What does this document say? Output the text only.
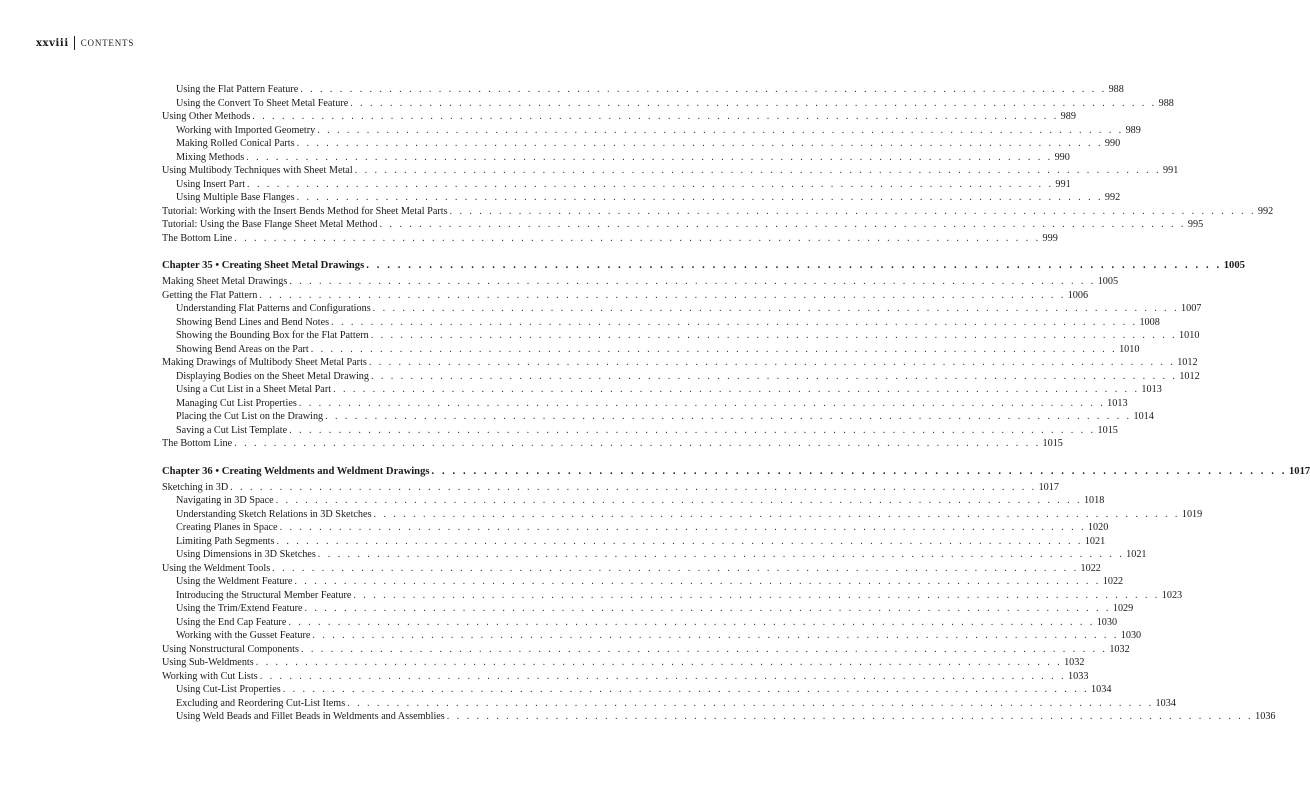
xxviii CONTENTS
Using the Flat Pattern Feature . . . . . . . . . . . . . . . . . . . . . . . . . . . . . . . . . . . . . . . . . . . . . . . . . . . . . . . . . . . . . . . . . . . . . . . . . . . . . . . . . . 988
Using the Convert To Sheet Metal Feature . . . . . . . . . . . . . . . . . . . . . . . . . . . . . . . . . . . . . . . . . . . . . . . . . . . . . . . . . . . . . . . . . . . . . . . . . . . . . . . . . . 988
Using Other Methods . . . . . . . . . . . . . . . . . . . . . . . . . . . . . . . . . . . . . . . . . . . . . . . . . . . . . . . . . . . . . . . . . . . . . . . . . . . . . . . . . . 989
Working with Imported Geometry . . . . . . . . . . . . . . . . . . . . . . . . . . . . . . . . . . . . . . . . . . . . . . . . . . . . . . . . . . . . . . . . . . . . . . . . . . . . . . . . . . 989
Making Rolled Conical Parts . . . . . . . . . . . . . . . . . . . . . . . . . . . . . . . . . . . . . . . . . . . . . . . . . . . . . . . . . . . . . . . . . . . . . . . . . . . . . . . . . . 990
Mixing Methods . . . . . . . . . . . . . . . . . . . . . . . . . . . . . . . . . . . . . . . . . . . . . . . . . . . . . . . . . . . . . . . . . . . . . . . . . . . . . . . . . . 990
Using Multibody Techniques with Sheet Metal . . . . . . . . . . . . . . . . . . . . . . . . . . . . . . . . . . . . . . . . . . . . . . . . . . . . . . . . . . . . . . . . . . . . . . . . . . . . . . . . . . 991
Using Insert Part . . . . . . . . . . . . . . . . . . . . . . . . . . . . . . . . . . . . . . . . . . . . . . . . . . . . . . . . . . . . . . . . . . . . . . . . . . . . . . . . . . 991
Using Multiple Base Flanges . . . . . . . . . . . . . . . . . . . . . . . . . . . . . . . . . . . . . . . . . . . . . . . . . . . . . . . . . . . . . . . . . . . . . . . . . . . . . . . . . . 992
Tutorial: Working with the Insert Bends Method for Sheet Metal Parts . . . . . . . . . . . . . . . . . . . . . . . . . . . . . . . . . . . . . . . . . . . . . . . . . . . . . . . . . . . . . . . . . . . . . . . . . . . . . . . . . . 992
Tutorial: Using the Base Flange Sheet Metal Method . . . . . . . . . . . . . . . . . . . . . . . . . . . . . . . . . . . . . . . . . . . . . . . . . . . . . . . . . . . . . . . . . . . . . . . . . . . . . . . . . . 995
The Bottom Line . . . . . . . . . . . . . . . . . . . . . . . . . . . . . . . . . . . . . . . . . . . . . . . . . . . . . . . . . . . . . . . . . . . . . . . . . . . . . . . . . . 999
Chapter 35 • Creating Sheet Metal Drawings . . . . . . . . . . . . . . . . . . . . . . . . . . . . . . . . . . . . . . . . . . . . . . . . . . . . . . . . . . . . . . . . . . . . . . . . . . . . . . . . . . 1005
Making Sheet Metal Drawings . . . . . . . . . . . . . . . . . . . . . . . . . . . . . . . . . . . . . . . . . . . . . . . . . . . . . . . . . . . . . . . . . . . . . . . . . . . . . . . . . . 1005
Getting the Flat Pattern . . . . . . . . . . . . . . . . . . . . . . . . . . . . . . . . . . . . . . . . . . . . . . . . . . . . . . . . . . . . . . . . . . . . . . . . . . . . . . . . . . 1006
Understanding Flat Patterns and Configurations . . . . . . . . . . . . . . . . . . . . . . . . . . . . . . . . . . . . . . . . . . . . . . . . . . . . . . . . . . . . . . . . . . . . . . . . . . . . . . . . . . 1007
Showing Bend Lines and Bend Notes . . . . . . . . . . . . . . . . . . . . . . . . . . . . . . . . . . . . . . . . . . . . . . . . . . . . . . . . . . . . . . . . . . . . . . . . . . . . . . . . . . 1008
Showing the Bounding Box for the Flat Pattern . . . . . . . . . . . . . . . . . . . . . . . . . . . . . . . . . . . . . . . . . . . . . . . . . . . . . . . . . . . . . . . . . . . . . . . . . . . . . . . . . . 1010
Showing Bend Areas on the Part . . . . . . . . . . . . . . . . . . . . . . . . . . . . . . . . . . . . . . . . . . . . . . . . . . . . . . . . . . . . . . . . . . . . . . . . . . . . . . . . . . 1010
Making Drawings of Multibody Sheet Metal Parts . . . . . . . . . . . . . . . . . . . . . . . . . . . . . . . . . . . . . . . . . . . . . . . . . . . . . . . . . . . . . . . . . . . . . . . . . . . . . . . . . . 1012
Displaying Bodies on the Sheet Metal Drawing . . . . . . . . . . . . . . . . . . . . . . . . . . . . . . . . . . . . . . . . . . . . . . . . . . . . . . . . . . . . . . . . . . . . . . . . . . . . . . . . . . 1012
Using a Cut List in a Sheet Metal Part . . . . . . . . . . . . . . . . . . . . . . . . . . . . . . . . . . . . . . . . . . . . . . . . . . . . . . . . . . . . . . . . . . . . . . . . . . . . . . . . . . 1013
Managing Cut List Properties . . . . . . . . . . . . . . . . . . . . . . . . . . . . . . . . . . . . . . . . . . . . . . . . . . . . . . . . . . . . . . . . . . . . . . . . . . . . . . . . . . 1013
Placing the Cut List on the Drawing . . . . . . . . . . . . . . . . . . . . . . . . . . . . . . . . . . . . . . . . . . . . . . . . . . . . . . . . . . . . . . . . . . . . . . . . . . . . . . . . . . 1014
Saving a Cut List Template . . . . . . . . . . . . . . . . . . . . . . . . . . . . . . . . . . . . . . . . . . . . . . . . . . . . . . . . . . . . . . . . . . . . . . . . . . . . . . . . . . 1015
The Bottom Line . . . . . . . . . . . . . . . . . . . . . . . . . . . . . . . . . . . . . . . . . . . . . . . . . . . . . . . . . . . . . . . . . . . . . . . . . . . . . . . . . . 1015
Chapter 36 • Creating Weldments and Weldment Drawings . . . . . . . . . . . . . . . . . . . . . . . . . . . . . . . . . . . . . . . . . . . . . . . . . . . . . . . . . . . . . . . . . . . . . . . . . . . . . . . . . . 1017
Sketching in 3D . . . . . . . . . . . . . . . . . . . . . . . . . . . . . . . . . . . . . . . . . . . . . . . . . . . . . . . . . . . . . . . . . . . . . . . . . . . . . . . . . . 1017
Navigating in 3D Space . . . . . . . . . . . . . . . . . . . . . . . . . . . . . . . . . . . . . . . . . . . . . . . . . . . . . . . . . . . . . . . . . . . . . . . . . . . . . . . . . . 1018
Understanding Sketch Relations in 3D Sketches . . . . . . . . . . . . . . . . . . . . . . . . . . . . . . . . . . . . . . . . . . . . . . . . . . . . . . . . . . . . . . . . . . . . . . . . . . . . . . . . . . 1019
Creating Planes in Space . . . . . . . . . . . . . . . . . . . . . . . . . . . . . . . . . . . . . . . . . . . . . . . . . . . . . . . . . . . . . . . . . . . . . . . . . . . . . . . . . . 1020
Limiting Path Segments . . . . . . . . . . . . . . . . . . . . . . . . . . . . . . . . . . . . . . . . . . . . . . . . . . . . . . . . . . . . . . . . . . . . . . . . . . . . . . . . . . 1021
Using Dimensions in 3D Sketches . . . . . . . . . . . . . . . . . . . . . . . . . . . . . . . . . . . . . . . . . . . . . . . . . . . . . . . . . . . . . . . . . . . . . . . . . . . . . . . . . . 1021
Using the Weldment Tools . . . . . . . . . . . . . . . . . . . . . . . . . . . . . . . . . . . . . . . . . . . . . . . . . . . . . . . . . . . . . . . . . . . . . . . . . . . . . . . . . . 1022
Using the Weldment Feature . . . . . . . . . . . . . . . . . . . . . . . . . . . . . . . . . . . . . . . . . . . . . . . . . . . . . . . . . . . . . . . . . . . . . . . . . . . . . . . . . . 1022
Introducing the Structural Member Feature . . . . . . . . . . . . . . . . . . . . . . . . . . . . . . . . . . . . . . . . . . . . . . . . . . . . . . . . . . . . . . . . . . . . . . . . . . . . . . . . . . 1023
Using the Trim/Extend Feature . . . . . . . . . . . . . . . . . . . . . . . . . . . . . . . . . . . . . . . . . . . . . . . . . . . . . . . . . . . . . . . . . . . . . . . . . . . . . . . . . . 1029
Using the End Cap Feature . . . . . . . . . . . . . . . . . . . . . . . . . . . . . . . . . . . . . . . . . . . . . . . . . . . . . . . . . . . . . . . . . . . . . . . . . . . . . . . . . . 1030
Working with the Gusset Feature . . . . . . . . . . . . . . . . . . . . . . . . . . . . . . . . . . . . . . . . . . . . . . . . . . . . . . . . . . . . . . . . . . . . . . . . . . . . . . . . . . 1030
Using Nonstructural Components . . . . . . . . . . . . . . . . . . . . . . . . . . . . . . . . . . . . . . . . . . . . . . . . . . . . . . . . . . . . . . . . . . . . . . . . . . . . . . . . . . 1032
Using Sub-Weldments . . . . . . . . . . . . . . . . . . . . . . . . . . . . . . . . . . . . . . . . . . . . . . . . . . . . . . . . . . . . . . . . . . . . . . . . . . . . . . . . . . 1032
Working with Cut Lists . . . . . . . . . . . . . . . . . . . . . . . . . . . . . . . . . . . . . . . . . . . . . . . . . . . . . . . . . . . . . . . . . . . . . . . . . . . . . . . . . . 1033
Using Cut-List Properties . . . . . . . . . . . . . . . . . . . . . . . . . . . . . . . . . . . . . . . . . . . . . . . . . . . . . . . . . . . . . . . . . . . . . . . . . . . . . . . . . . 1034
Excluding and Reordering Cut-List Items . . . . . . . . . . . . . . . . . . . . . . . . . . . . . . . . . . . . . . . . . . . . . . . . . . . . . . . . . . . . . . . . . . . . . . . . . . . . . . . . . . 1034
Using Weld Beads and Fillet Beads in Weldments and Assemblies . . . . . . . . . . . . . . . . . . . . . . . . . . . . . . . . . . . . . . . . . . . . . . . . . . . . . . . . . . . . . . . . . . . . . . . . . . . . . . . . . . 1036
